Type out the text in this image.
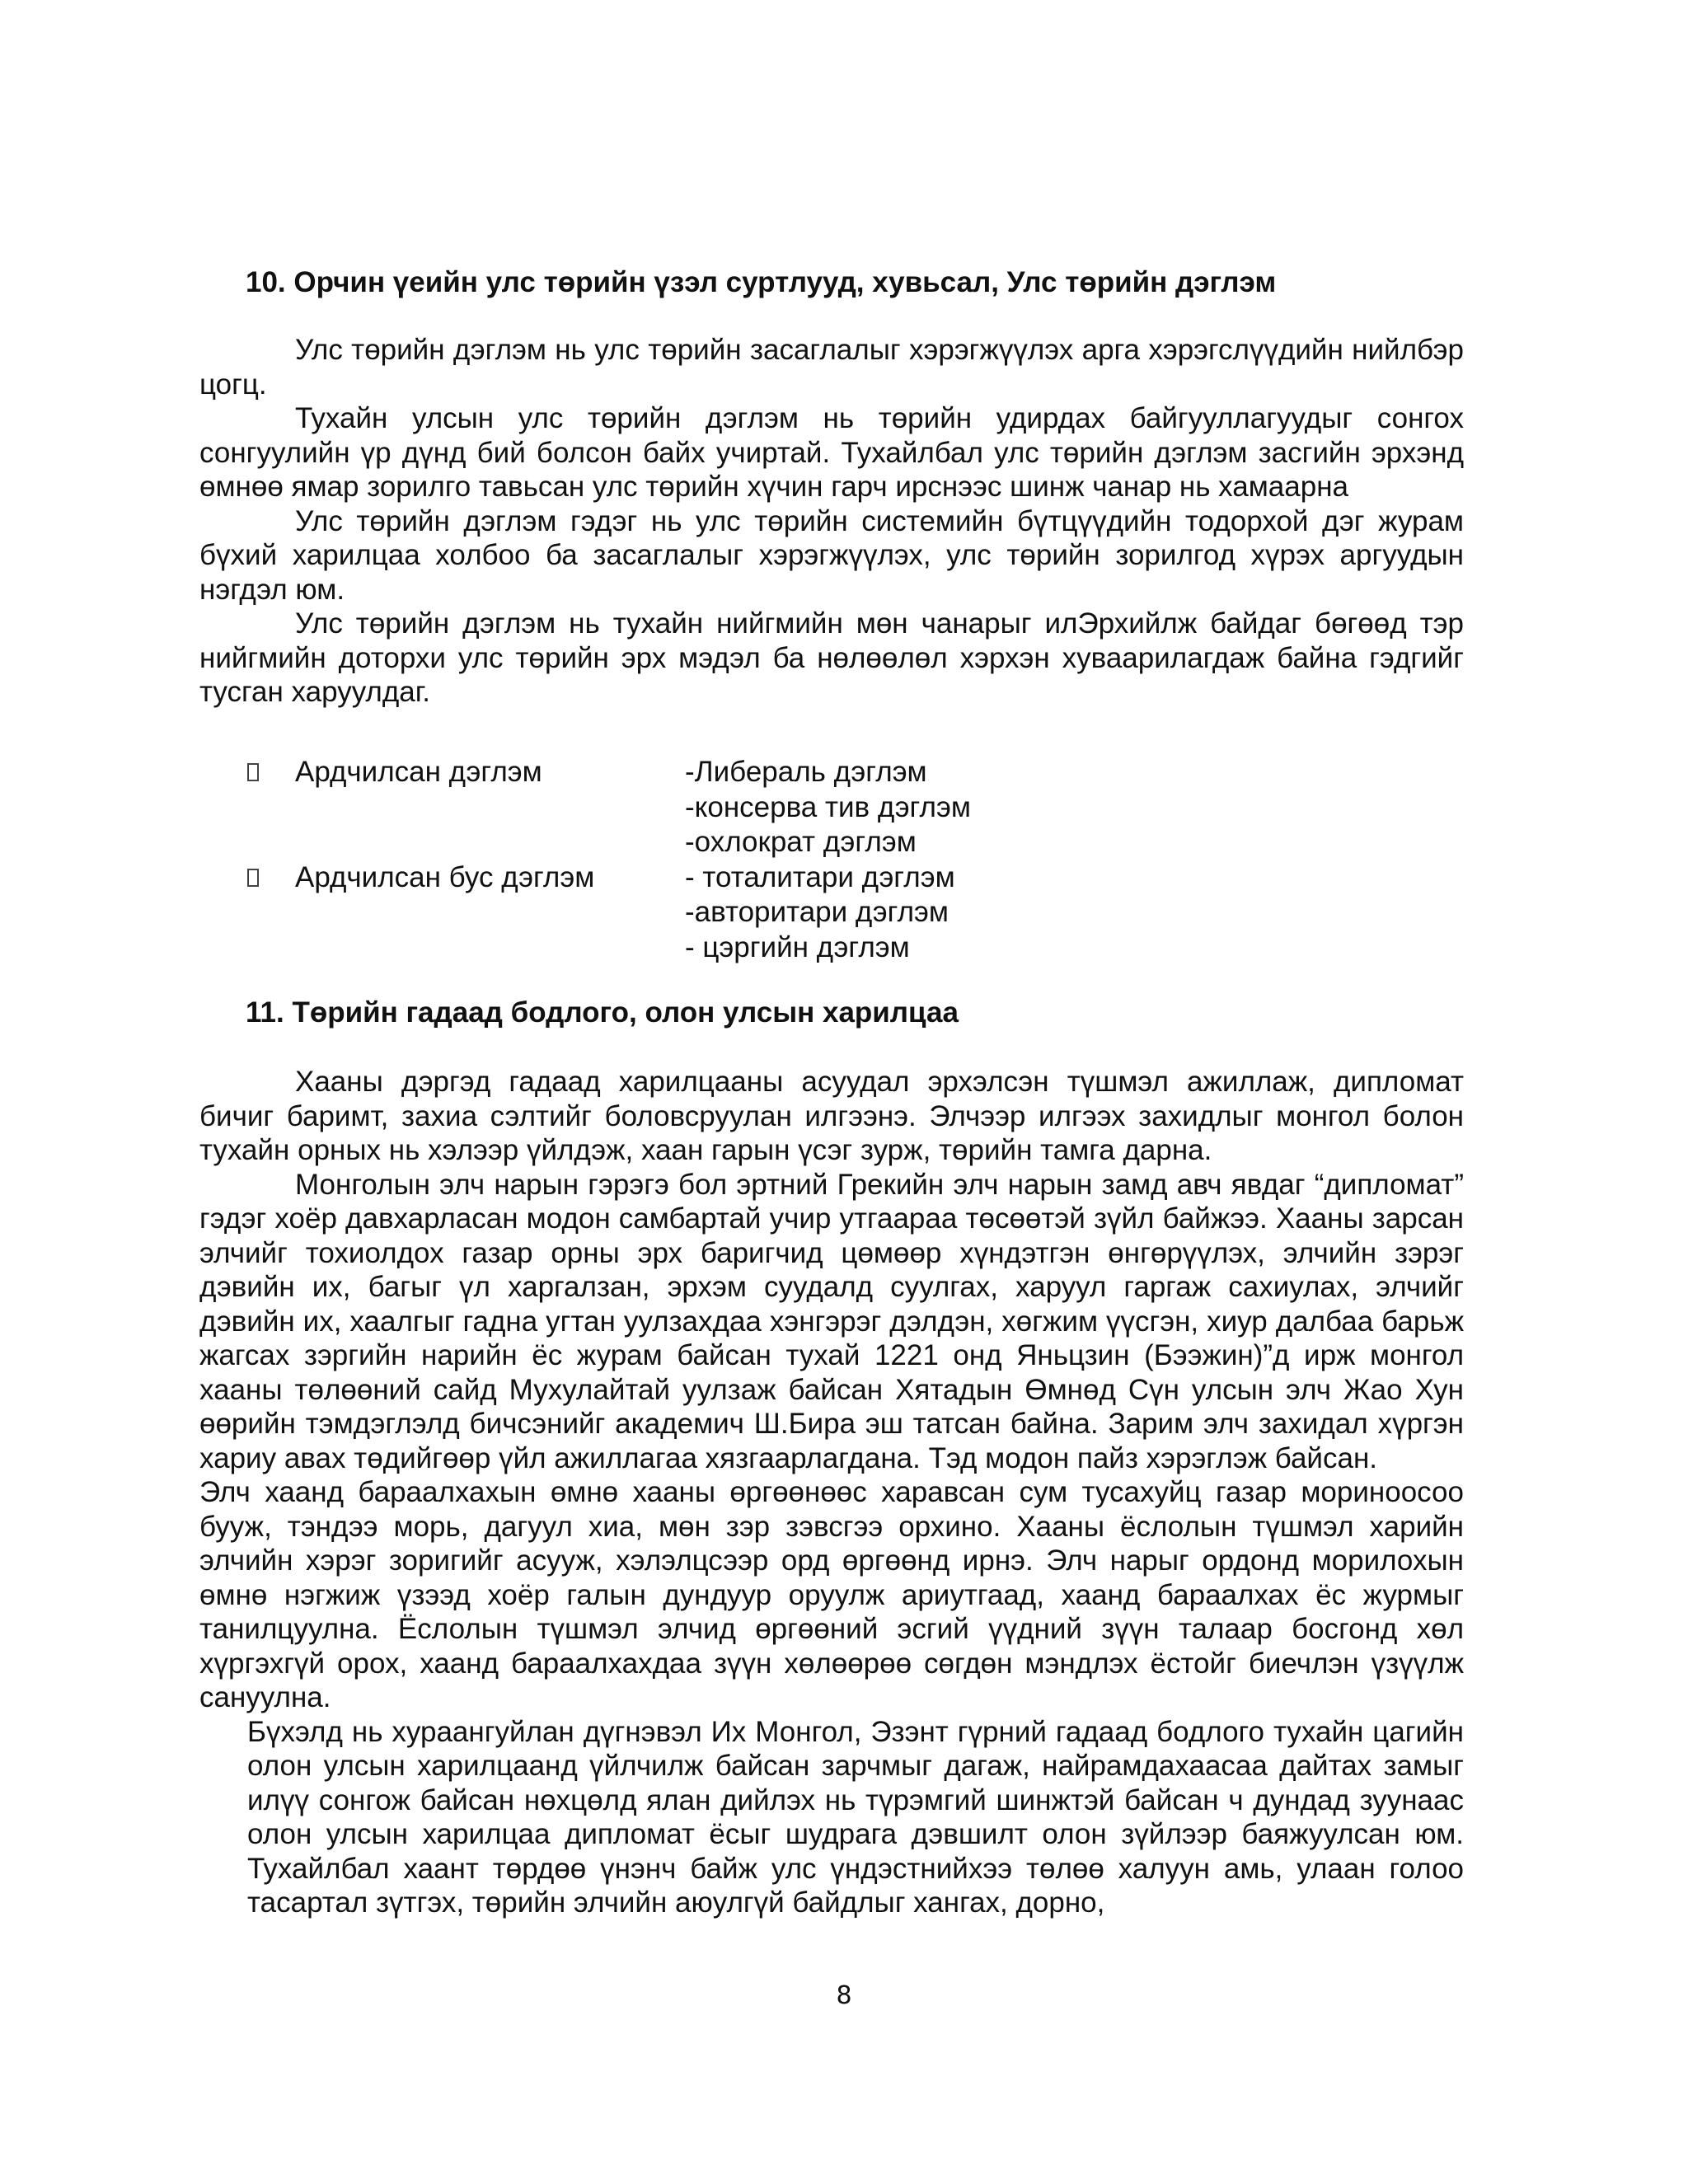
10. Орчин үеийн улс төрийн үзэл суртлууд, хувьсал, Улс төрийн дэглэм

Улс төрийн дэглэм нь улс төрийн засаглалыг хэрэгжүүлэх арга хэрэгслүүдийн нийлбэр цогц.

Тухайн улсын улс төрийн дэглэм нь төрийн удирдах байгууллагуудыг сонгох сонгуулийн үр дүнд бий болсон байх учиртай. Тухайлбал улс төрийн дэглэм засгийн эрхэнд өмнөө ямар зорилго тавьсан улс төрийн хүчин гарч ирснээс шинж чанар нь хамаарна

Улс төрийн дэглэм гэдэг нь улс төрийн системийн бүтцүүдийн тодорхой дэг журам бүхий харилцаа холбоо ба засаглалыг хэрэгжүүлэх, улс төрийн зорилгод хүрэх аргуудын нэгдэл юм.

Улс төрийн дэглэм нь тухайн нийгмийн мөн чанарыг илЭрхийлж байдаг бөгөөд тэр нийгмийн доторхи улс төрийн эрх мэдэл ба нөлөөлөл хэрхэн хуваарилагдаж байна гэдгийг тусган харуулдаг.

Ардчилсан дэглэм	-Либераль дэглэм
-консерва тив дэглэм
-охлократ дэглэм
Ардчилсан бус дэглэм	- тоталитари дэглэм
-авторитари дэглэм
- цэргийн дэглэм
11. Төрийн гадаад бодлого, олон улсын харилцаа

Хааны дэргэд гадаад харилцааны асуудал эрхэлсэн түшмэл ажиллаж, дипломат бичиг баримт, захиа сэлтийг боловсруулан илгээнэ. Элчээр илгээх захидлыг монгол болон тухайн орных нь хэлээр үйлдэж, хаан гарын үсэг зурж, төрийн тамга дарна.

Монголын элч нарын гэрэгэ бол эртний Грекийн элч нарын замд авч явдаг “дипломат” гэдэг хоёр давхарласан модон самбартай учир утгаараа төсөөтэй зүйл байжээ. Хааны зарсан элчийг тохиолдох газар орны эрх баригчид цөмөөр хүндэтгэн өнгөрүүлэх, элчийн зэрэг дэвийн их, багыг үл харгалзан, эрхэм суудалд суулгах, харуул гаргаж сахиулах, элчийг дэвийн их, хаалгыг гадна угтан уулзахдаа хэнгэрэг дэлдэн, хөгжим үүсгэн, хиур далбаа барьж жагсах зэргийн нарийн ёс журам байсан тухай 1221 онд Яньцзин (Бээжин)”д ирж монгол хааны төлөөний сайд Мухулайтай уулзаж байсан Хятадын Өмнөд Сүн улсын элч Жао Хун өөрийн тэмдэглэлд бичсэнийг академич Ш.Бира эш татсан байна. Зарим элч захидал хүргэн хариу авах төдийгөөр үйл ажиллагаа хязгаарлагдана. Тэд модон пайз хэрэглэж байсан.

Элч хаанд бараалхахын өмнө хааны өргөөнөөс харавсан сум тусахуйц газар мориноосоо бууж, тэндээ морь, дагуул хиа, мөн зэр зэвсгээ орхино. Хааны ёслолын түшмэл харийн элчийн хэрэг зоригийг асууж, хэлэлцсээр орд өргөөнд ирнэ. Элч нарыг ордонд морилохын өмнө нэгжиж үзээд хоёр галын дундуур оруулж ариутгаад, хаанд бараалхах ёс журмыг танилцуулна. Ёслолын түшмэл элчид өргөөний эсгий үүдний зүүн талаар босгонд хөл хүргэхгүй орох, хаанд бараалхахдаа зүүн хөлөөрөө сөгдөн мэндлэх ёстойг биечлэн үзүүлж сануулна.

Бүхэлд нь хураангуйлан дүгнэвэл Их Монгол, Эзэнт гүрний гадаад бодлого тухайн цагийн олон улсын харилцаанд үйлчилж байсан зарчмыг дагаж, найрамдахаасаа дайтах замыг илүү сонгож байсан нөхцөлд ялан дийлэх нь түрэмгий шинжтэй байсан ч дундад зуунаас олон улсын харилцаа дипломат ёсыг шудрага дэвшилт олон зүйлээр баяжуулсан юм. Тухайлбал хаант төрдөө үнэнч байж улс үндэстнийхээ төлөө халуун амь, улаан голоо тасартал зүтгэх, төрийн элчийн аюулгүй байдлыг хангах, дорно,

8
